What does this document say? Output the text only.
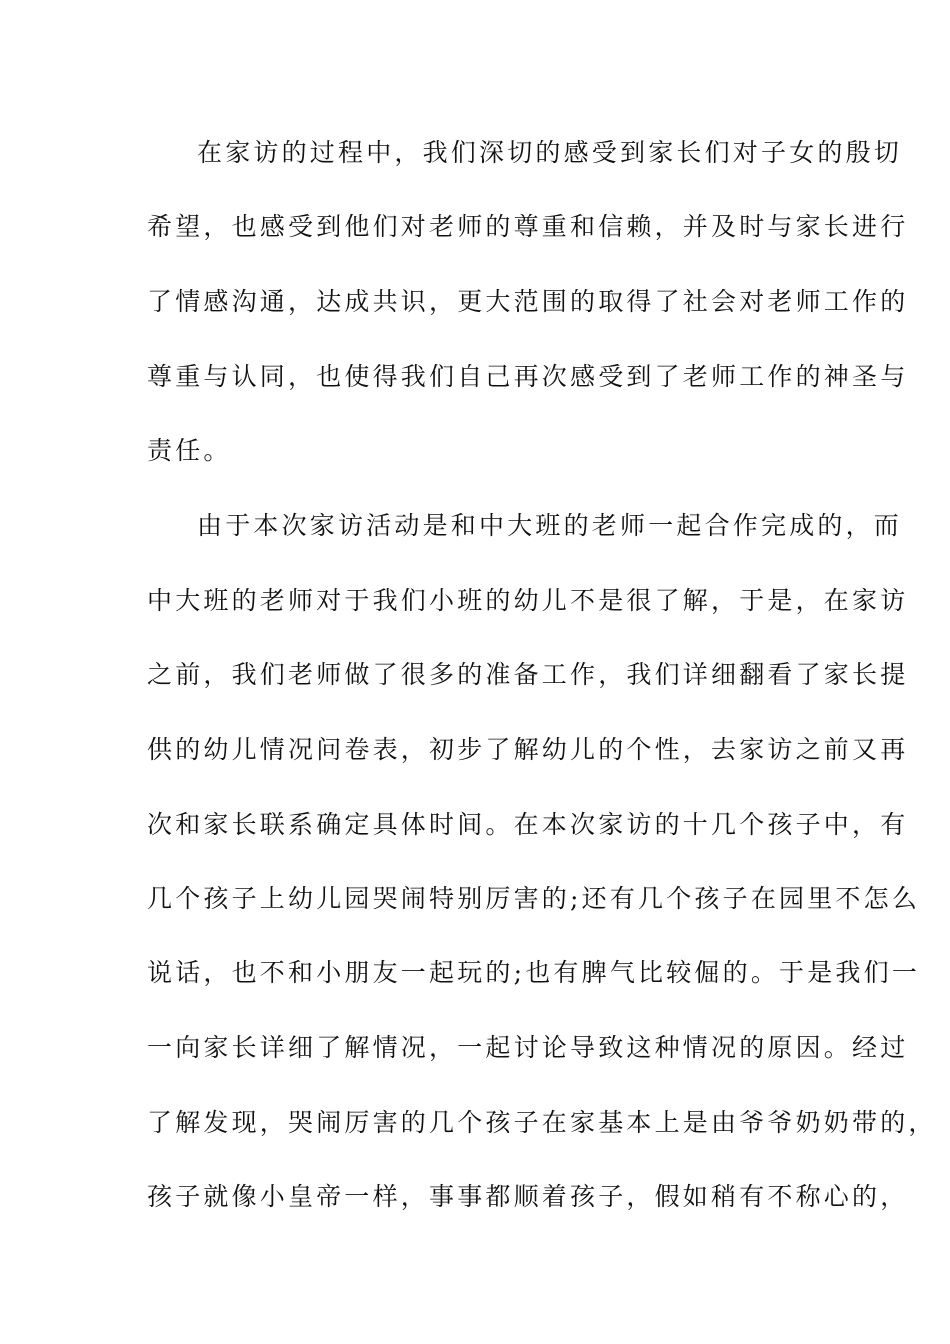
在家访的过程中，我们深切的感受到家长们对子女的殷切
希望，也感受到他们对老师的尊重和信赖，并及时与家长进行
了情感沟通，达成共识，更大范围的取得了社会对老师工作的
尊重与认同，也使得我们自己再次感受到了老师工作的神圣与
责任。
由于本次家访活动是和中大班的老师一起合作完成的，而
中大班的老师对于我们小班的幼儿不是很了解，于是，在家访
之前，我们老师做了很多的准备工作，我们详细翻看了家长提
供的幼儿情况问卷表，初步了解幼儿的个性，去家访之前又再
次和家长联系确定具体时间。在本次家访的十几个孩子中，有
几个孩子上幼儿园哭闹特别厉害的;还有几个孩子在园里不怎么
说话，也不和小朋友一起玩的;也有脾气比较倔的。于是我们一
一向家长详细了解情况，一起讨论导致这种情况的原因。经过
了解发现，哭闹厉害的几个孩子在家基本上是由爷爷奶奶带的，
孩子就像小皇帝一样，事事都顺着孩子，假如稍有不称心的，
